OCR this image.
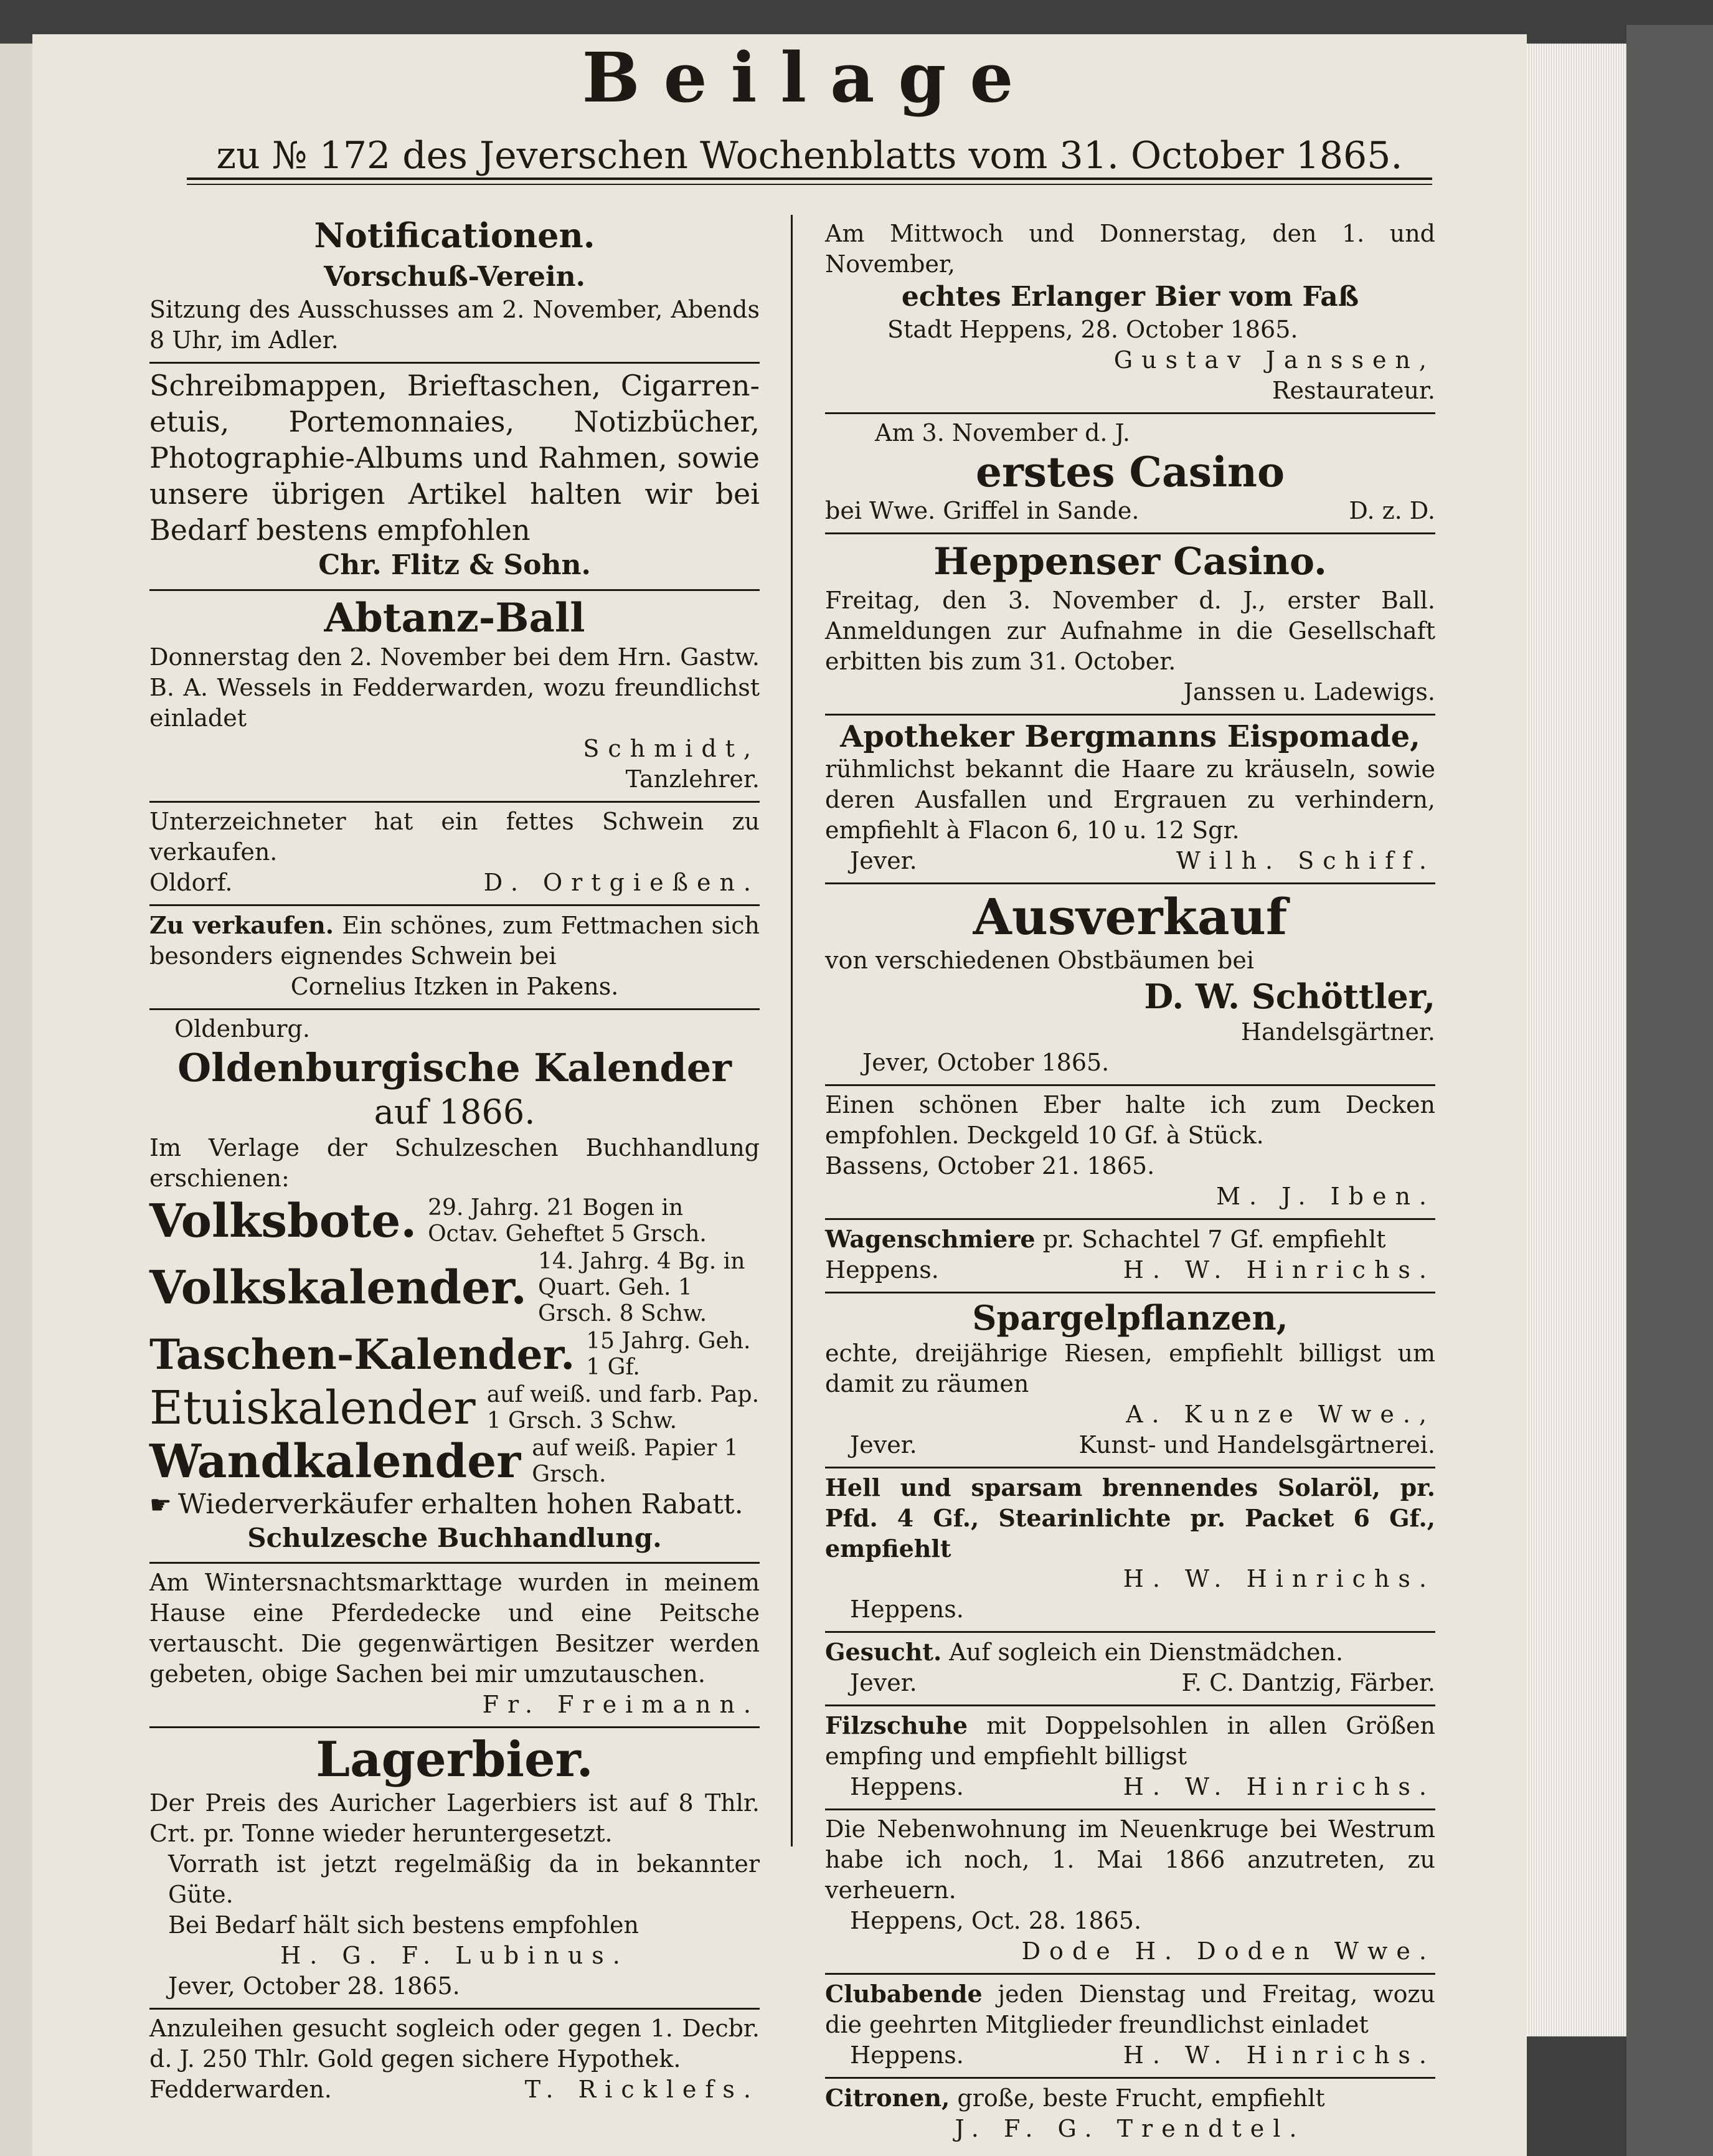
Beilage
zu № 172 des Jeverschen Wochenblatts vom 31. October 1865.
Notificationen.
Vorschuß-Verein.
Sitzung des Ausschusses am 2. November, Abends 8 Uhr, im Adler.
Schreibmappen, Brieftaschen, Cigarren-etuis, Portemonnaies, Notizbücher, Photographie-Albums und Rahmen, sowie unsere übrigen Artikel halten wir bei Bedarf bestens empfohlen
Chr. Flitz & Sohn.
Abtanz-Ball
Donnerstag den 2. November bei dem Hrn. Gastw. B. A. Wessels in Fedderwarden, wozu freundlichst einladet
Schmidt,
Tanzlehrer.
Unterzeichneter hat ein fettes Schwein zu verkaufen.
Oldorf.	D. Ortgießen.
Zu verkaufen. Ein schönes, zum Fettmachen sich besonders eignendes Schwein bei
Cornelius Itzken in Pakens.
Oldenburg.
Oldenburgische Kalender
auf 1866.
Im Verlage der Schulzeschen Buchhandlung erschienen:
Volksbote. 29. Jahrg. 21 Bogen in Octav. Geheftet 5 Grsch.
Volkskalender. 14. Jahrg. 4 Bg. in Quart. Geh. 1 Grsch. 8 Schw.
Taschen-Kalender. 15 Jahrg. Geh. 1 Gf.
Etuiskalender auf weiß. und farb. Pap. 1 Grsch. 3 Schw.
Wandkalender auf weiß. Papier 1 Grsch.
☛ Wiederverkäufer erhalten hohen Rabatt.
Schulzesche Buchhandlung.
Am Wintersnachtsmarkttage wurden in meinem Hause eine Pferdedecke und eine Peitsche vertauscht. Die gegenwärtigen Besitzer werden gebeten, obige Sachen bei mir umzutauschen.
Fr. Freimann.
Lagerbier.
Der Preis des Auricher Lagerbiers ist auf 8 Thlr. Crt. pr. Tonne wieder heruntergesetzt.
Vorrath ist jetzt regelmäßig da in bekannter Güte.
Bei Bedarf hält sich bestens empfohlen
H. G. F. Lubinus.
Jever, October 28. 1865.
Anzuleihen gesucht sogleich oder gegen 1. Decbr. d. J. 250 Thlr. Gold gegen sichere Hypothek.
Fedderwarden.	T. Ricklefs.
Am Mittwoch und Donnerstag, den 1. und November,
echtes Erlanger Bier vom Faß
Stadt Heppens, 28. October 1865.
Gustav Janssen,
Restaurateur.
Am 3. November d. J.
erstes Casino
bei Wwe. Griffel in Sande.	D. z. D.
Heppenser Casino.
Freitag, den 3. November d. J., erster Ball. Anmeldungen zur Aufnahme in die Gesellschaft erbitten bis zum 31. October.
Janssen u. Ladewigs.
Apotheker Bergmanns Eispomade,
rühmlichst bekannt die Haare zu kräuseln, sowie deren Ausfallen und Ergrauen zu verhindern, empfiehlt à Flacon 6, 10 u. 12 Sgr.
Jever.	Wilh. Schiff.
Ausverkauf
von verschiedenen Obstbäumen bei
D. W. Schöttler,
Handelsgärtner.
Jever, October 1865.
Einen schönen Eber halte ich zum Decken empfohlen. Deckgeld 10 Gf. à Stück.
Bassens, October 21. 1865.
M. J. Iben.
Wagenschmiere pr. Schachtel 7 Gf. empfiehlt
Heppens.	H. W. Hinrichs.
Spargelpflanzen,
echte, dreijährige Riesen, empfiehlt billigst um damit zu räumen
A. Kunze Wwe.,
Jever.	Kunst- und Handelsgärtnerei.
Hell und sparsam brennendes Solaröl, pr. Pfd. 4 Gf., Stearinlichte pr. Packet 6 Gf., empfiehlt
H. W. Hinrichs.
Heppens.
Gesucht. Auf sogleich ein Dienstmädchen.
Jever.	F. C. Dantzig, Färber.
Filzschuhe mit Doppelsohlen in allen Größen empfing und empfiehlt billigst
Heppens.	H. W. Hinrichs.
Die Nebenwohnung im Neuenkruge bei Westrum habe ich noch, 1. Mai 1866 anzutreten, zu verheuern.
Heppens, Oct. 28. 1865.
Dode H. Doden Wwe.
Clubabende jeden Dienstag und Freitag, wozu die geehrten Mitglieder freundlichst einladet
Heppens.	H. W. Hinrichs.
Citronen, große, beste Frucht, empfiehlt
J. F. G. Trendtel.
